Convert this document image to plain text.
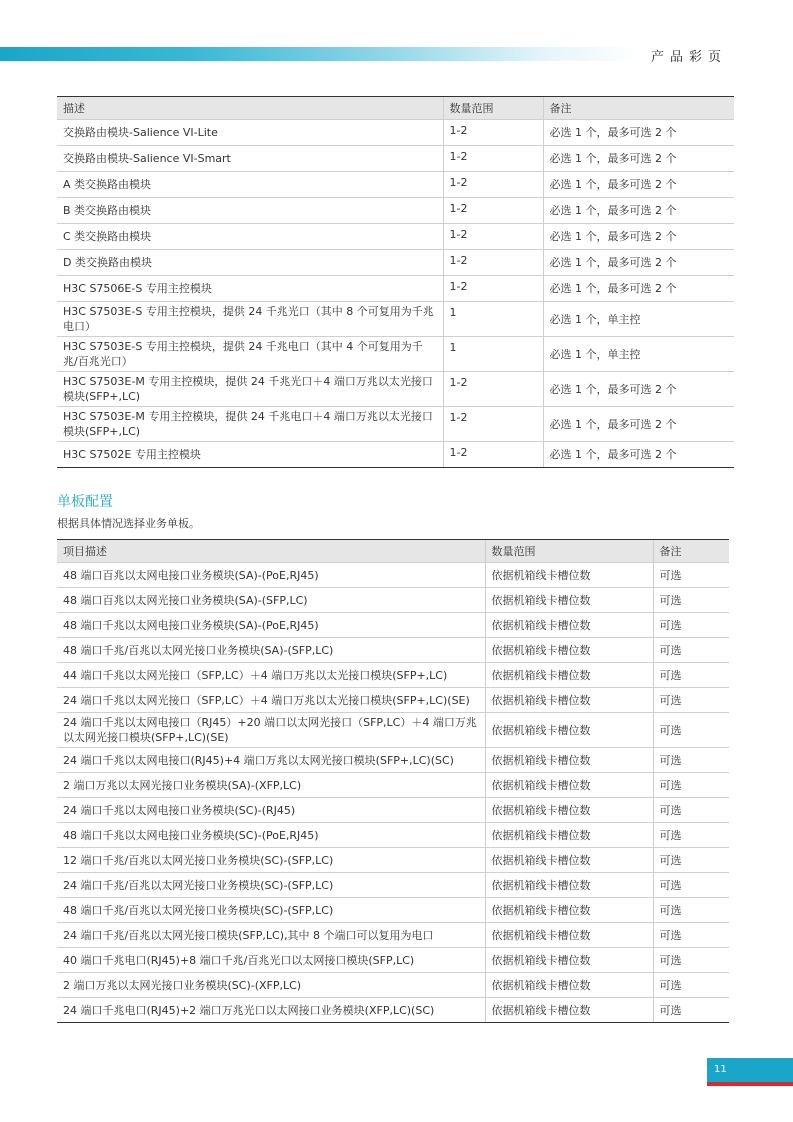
产品彩页
描述	数量范围	备注
交换路由模块-Salience VI-Lite	1-2	必选 1 个，最多可选 2 个
交换路由模块-Salience VI-Smart	1-2	必选 1 个，最多可选 2 个
A 类交换路由模块	1-2	必选 1 个，最多可选 2 个
B 类交换路由模块	1-2	必选 1 个，最多可选 2 个
C 类交换路由模块	1-2	必选 1 个，最多可选 2 个
D 类交换路由模块	1-2	必选 1 个，最多可选 2 个
H3C S7506E-S 专用主控模块	1-2	必选 1 个，最多可选 2 个
H3C S7503E-S 专用主控模块，提供 24 千兆光口（其中 8 个可复用为千兆电口）	1	必选 1 个，单主控
H3C S7503E-S 专用主控模块，提供 24 千兆电口（其中 4 个可复用为千兆/百兆光口）	1	必选 1 个，单主控
H3C S7503E-M 专用主控模块，提供 24 千兆光口＋4 端口万兆以太光接口模块(SFP+,LC)	1-2	必选 1 个，最多可选 2 个
H3C S7503E-M 专用主控模块，提供 24 千兆电口＋4 端口万兆以太光接口模块(SFP+,LC)	1-2	必选 1 个，最多可选 2 个
H3C S7502E 专用主控模块	1-2	必选 1 个，最多可选 2 个
单板配置
根据具体情况选择业务单板。
项目描述	数量范围	备注
48 端口百兆以太网电接口业务模块(SA)-(PoE,RJ45)	依据机箱线卡槽位数	可选
48 端口百兆以太网光接口业务模块(SA)-(SFP,LC)	依据机箱线卡槽位数	可选
48 端口千兆以太网电接口业务模块(SA)-(PoE,RJ45)	依据机箱线卡槽位数	可选
48 端口千兆/百兆以太网光接口业务模块(SA)-(SFP,LC)	依据机箱线卡槽位数	可选
44 端口千兆以太网光接口（SFP,LC）＋4 端口万兆以太光接口模块(SFP+,LC)	依据机箱线卡槽位数	可选
24 端口千兆以太网光接口（SFP,LC）＋4 端口万兆以太光接口模块(SFP+,LC)(SE)	依据机箱线卡槽位数	可选
24 端口千兆以太网电接口（RJ45）+20 端口以太网光接口（SFP,LC）＋4 端口万兆以太网光接口模块(SFP+,LC)(SE)	依据机箱线卡槽位数	可选
24 端口千兆以太网电接口(RJ45)+4 端口万兆以太网光接口模块(SFP+,LC)(SC)	依据机箱线卡槽位数	可选
2 端口万兆以太网光接口业务模块(SA)-(XFP,LC)	依据机箱线卡槽位数	可选
24 端口千兆以太网电接口业务模块(SC)-(RJ45)	依据机箱线卡槽位数	可选
48 端口千兆以太网电接口业务模块(SC)-(PoE,RJ45)	依据机箱线卡槽位数	可选
12 端口千兆/百兆以太网光接口业务模块(SC)-(SFP,LC)	依据机箱线卡槽位数	可选
24 端口千兆/百兆以太网光接口业务模块(SC)-(SFP,LC)	依据机箱线卡槽位数	可选
48 端口千兆/百兆以太网光接口业务模块(SC)-(SFP,LC)	依据机箱线卡槽位数	可选
24 端口千兆/百兆以太网光接口模块(SFP,LC),其中 8 个端口可以复用为电口	依据机箱线卡槽位数	可选
40 端口千兆电口(RJ45)+8 端口千兆/百兆光口以太网接口模块(SFP,LC)	依据机箱线卡槽位数	可选
2 端口万兆以太网光接口业务模块(SC)-(XFP,LC)	依据机箱线卡槽位数	可选
24 端口千兆电口(RJ45)+2 端口万兆光口以太网接口业务模块(XFP,LC)(SC)	依据机箱线卡槽位数	可选
11
